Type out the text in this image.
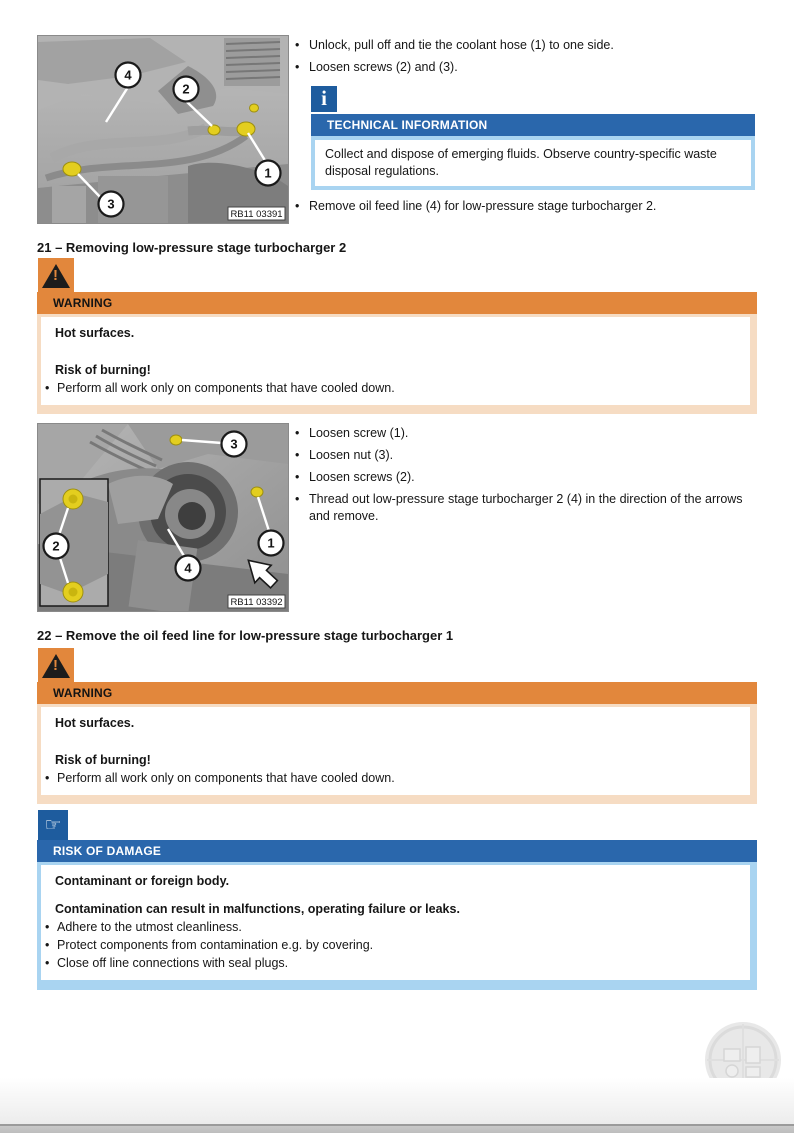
4
2
1
3
RB11 03391
• Unlock, pull off and tie the coolant hose (1) to one side.
• Loosen screws (2) and (3).
i
TECHNICAL INFORMATION
Collect and dispose of emerging fluids. Observe country-specific waste disposal regulations.
• Remove oil feed line (4) for low-pressure stage turbocharger 2.
21 – Removing low-pressure stage turbocharger 2
!
WARNING
Hot surfaces.
Risk of burning!
• Perform all work only on components that have cooled down.
3
2	1
4
RB11 03392
• Loosen screw (1).
• Loosen nut (3).
• Loosen screws (2).
• Thread out low-pressure stage turbocharger 2 (4) in the direction of the arrows and remove.
22 – Remove the oil feed line for low-pressure stage turbocharger 1
!
WARNING
Hot surfaces.
Risk of burning!
• Perform all work only on components that have cooled down.
☞
RISK OF DAMAGE
Contaminant or foreign body.
Contamination can result in malfunctions, operating failure or leaks.
• Adhere to the utmost cleanliness.
• Protect components from contamination e.g. by covering.
• Close off line connections with seal plugs.
